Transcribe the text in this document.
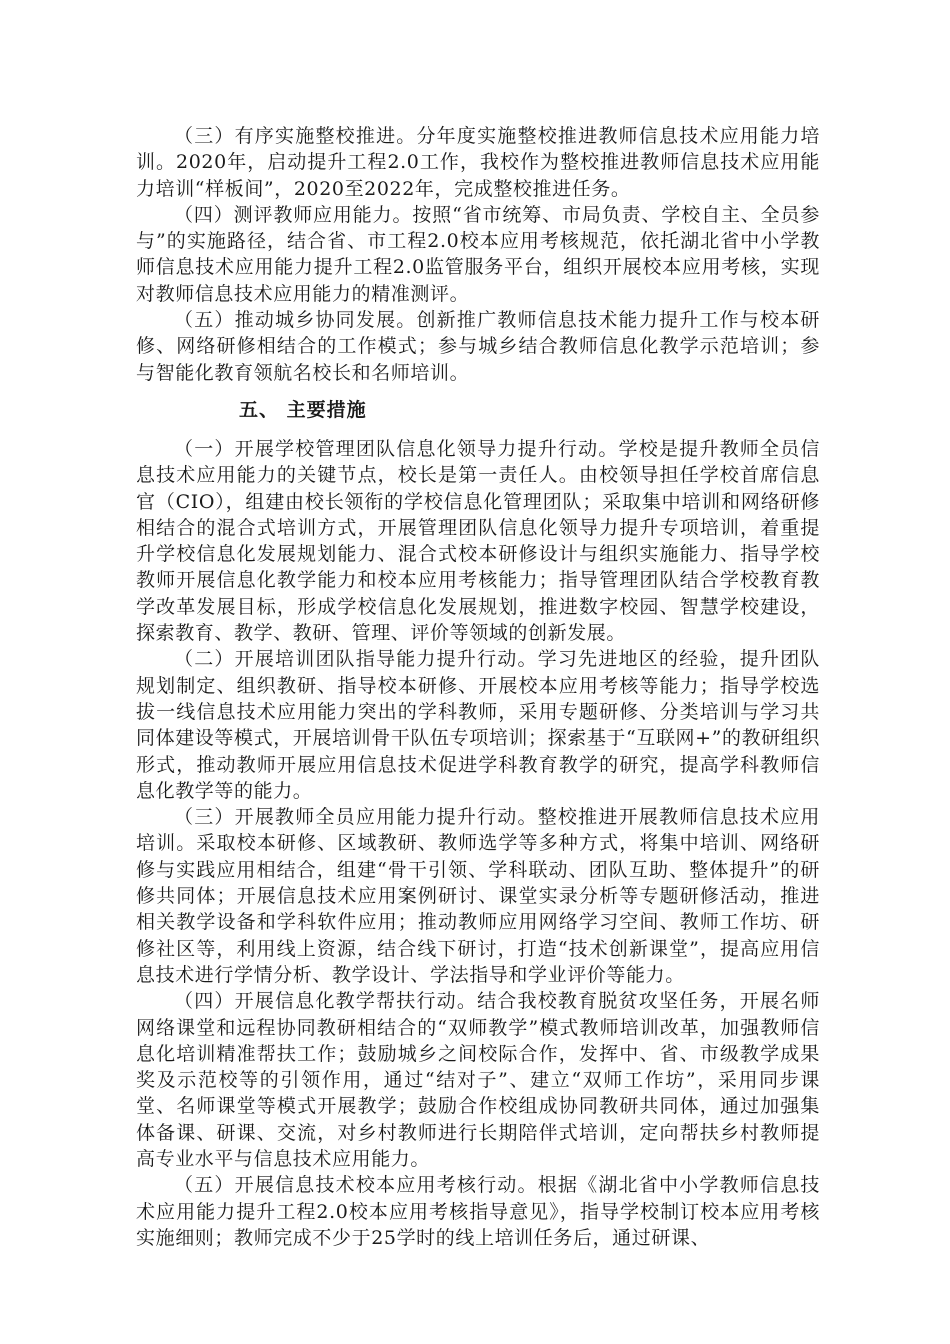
（三）有序实施整校推进。分年度实施整校推进教师信息技术应用能力培训。2020年，启动提升工程2.0工作，我校作为整校推进教师信息技术应用能力培训“样板间”，2020至2022年，完成整校推进任务。

（四）测评教师应用能力。按照“省市统筹、市局负责、学校自主、全员参与”的实施路径，结合省、市工程2.0校本应用考核规范，依托湖北省中小学教师信息技术应用能力提升工程2.0监管服务平台，组织开展校本应用考核，实现对教师信息技术应用能力的精准测评。

（五）推动城乡协同发展。创新推广教师信息技术能力提升工作与校本研修、网络研修相结合的工作模式；参与城乡结合教师信息化教学示范培训；参与智能化教育领航名校长和名师培训。

五、 主要措施

（一）开展学校管理团队信息化领导力提升行动。学校是提升教师全员信息技术应用能力的关键节点，校长是第一责任人。由校领导担任学校首席信息官（CIO），组建由校长领衔的学校信息化管理团队；采取集中培训和网络研修相结合的混合式培训方式，开展管理团队信息化领导力提升专项培训，着重提升学校信息化发展规划能力、混合式校本研修设计与组织实施能力、指导学校教师开展信息化教学能力和校本应用考核能力；指导管理团队结合学校教育教学改革发展目标，形成学校信息化发展规划，推进数字校园、智慧学校建设，探索教育、教学、教研、管理、评价等领域的创新发展。

（二）开展培训团队指导能力提升行动。学习先进地区的经验，提升团队规划制定、组织教研、指导校本研修、开展校本应用考核等能力；指导学校选拔一线信息技术应用能力突出的学科教师，采用专题研修、分类培训与学习共同体建设等模式，开展培训骨干队伍专项培训；探索基于“互联网+”的教研组织形式，推动教师开展应用信息技术促进学科教育教学的研究，提高学科教师信息化教学等的能力。

（三）开展教师全员应用能力提升行动。整校推进开展教师信息技术应用培训。采取校本研修、区域教研、教师选学等多种方式，将集中培训、网络研修与实践应用相结合，组建“骨干引领、学科联动、团队互助、整体提升”的研修共同体；开展信息技术应用案例研讨、课堂实录分析等专题研修活动，推进相关教学设备和学科软件应用；推动教师应用网络学习空间、教师工作坊、研修社区等，利用线上资源，结合线下研讨，打造“技术创新课堂”，提高应用信息技术进行学情分析、教学设计、学法指导和学业评价等能力。

（四）开展信息化教学帮扶行动。结合我校教育脱贫攻坚任务，开展名师网络课堂和远程协同教研相结合的“双师教学”模式教师培训改革，加强教师信息化培训精准帮扶工作；鼓励城乡之间校际合作，发挥中、省、市级教学成果奖及示范校等的引领作用，通过“结对子”、建立“双师工作坊”，采用同步课堂、名师课堂等模式开展教学；鼓励合作校组成协同教研共同体，通过加强集体备课、研课、交流，对乡村教师进行长期陪伴式培训，定向帮扶乡村教师提高专业水平与信息技术应用能力。

（五）开展信息技术校本应用考核行动。根据《湖北省中小学教师信息技术应用能力提升工程2.0校本应用考核指导意见》，指导学校制订校本应用考核实施细则；教师完成不少于25学时的线上培训任务后，通过研课、
